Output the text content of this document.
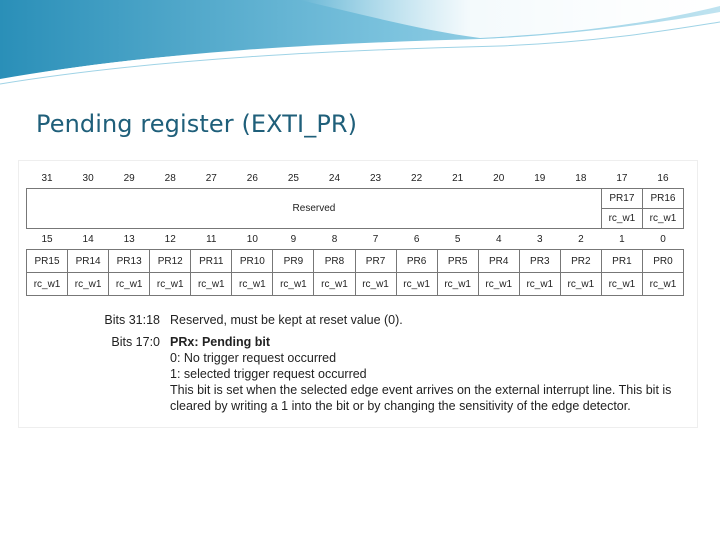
Pending register (EXTI_PR)
31	30	29	28	27	26	25	24	23	22	21	20	19	18	17	16
Reserved														PR17	PR16
														rc_w1	rc_w1
15	14	13	12	11	10	9	8	7	6	5	4	3	2	1	0
PR15	PR14	PR13	PR12	PR11	PR10	PR9	PR8	PR7	PR6	PR5	PR4	PR3	PR2	PR1	PR0
rc_w1	rc_w1	rc_w1	rc_w1	rc_w1	rc_w1	rc_w1	rc_w1	rc_w1	rc_w1	rc_w1	rc_w1	rc_w1	rc_w1	rc_w1	rc_w1
Bits 31:18 Reserved, must be kept at reset value (0).
Bits 17:0 PRx: Pending bit
0: No trigger request occurred
1: selected trigger request occurred
This bit is set when the selected edge event arrives on the external interrupt line. This bit is
cleared by writing a 1 into the bit or by changing the sensitivity of the edge detector.
